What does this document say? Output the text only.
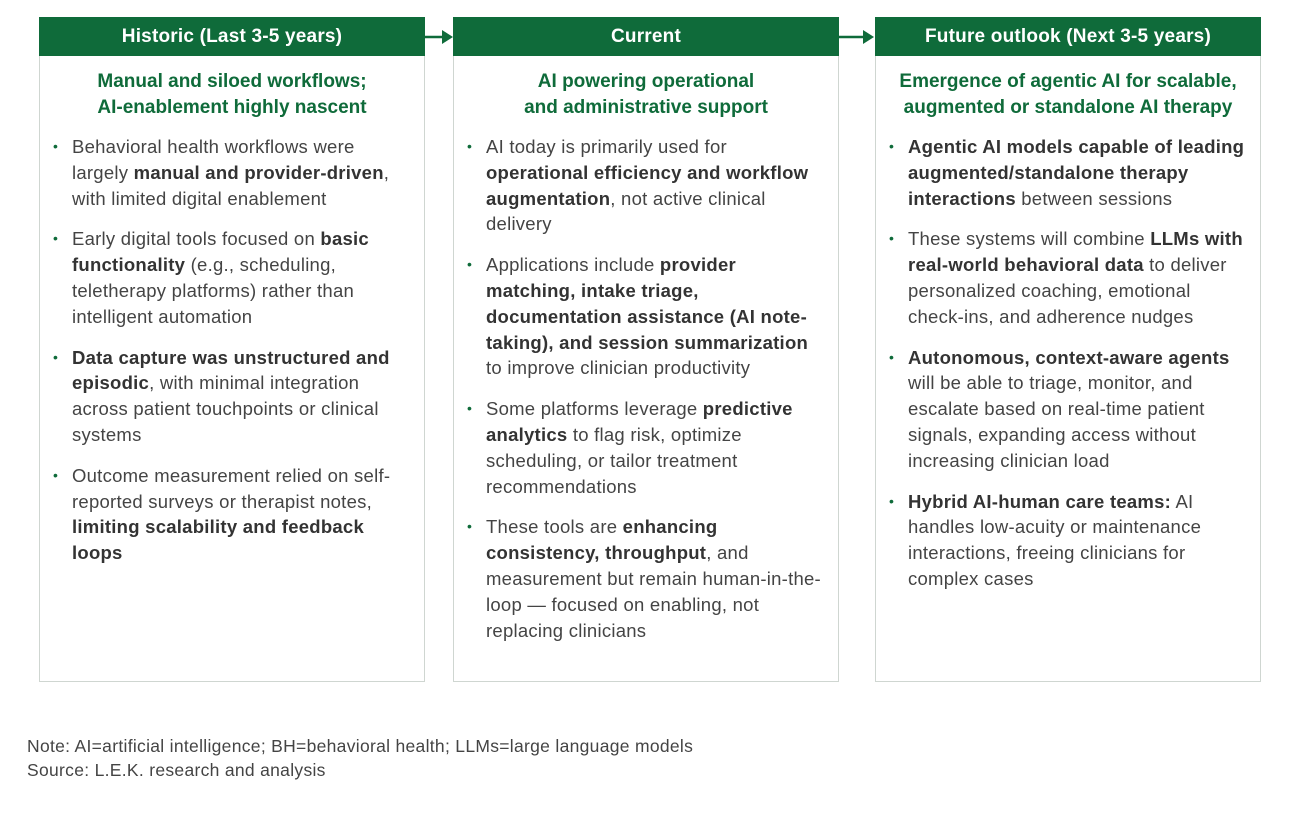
Historic (Last 3-5 years)
Manual and siloed workflows;
AI-enablement highly nascent
• Behavioral health workflows were largely manual and provider-driven, with limited digital enablement
• Early digital tools focused on basic functionality (e.g., scheduling, teletherapy platforms) rather than intelligent automation
• Data capture was unstructured and episodic, with minimal integration across patient touchpoints or clinical systems
• Outcome measurement relied on self-reported surveys or therapist notes, limiting scalability and feedback loops
Current
AI powering operational
and administrative support
• AI today is primarily used for operational efficiency and workflow augmentation, not active clinical delivery
• Applications include provider matching, intake triage, documentation assistance (AI note-taking), and session summarization to improve clinician productivity
• Some platforms leverage predictive analytics to flag risk, optimize scheduling, or tailor treatment recommendations
• These tools are enhancing consistency, throughput, and measurement but remain human-in-the-loop — focused on enabling, not replacing clinicians
Future outlook (Next 3-5 years)
Emergence of agentic AI for scalable,
augmented or standalone AI therapy
• Agentic AI models capable of leading augmented/standalone therapy interactions between sessions
• These systems will combine LLMs with real-world behavioral data to deliver personalized coaching, emotional check-ins, and adherence nudges
• Autonomous, context-aware agents will be able to triage, monitor, and escalate based on real-time patient signals, expanding access without increasing clinician load
• Hybrid AI-human care teams: AI handles low-acuity or maintenance interactions, freeing clinicians for complex cases
Note: AI=artificial intelligence; BH=behavioral health; LLMs=large language models
Source: L.E.K. research and analysis
